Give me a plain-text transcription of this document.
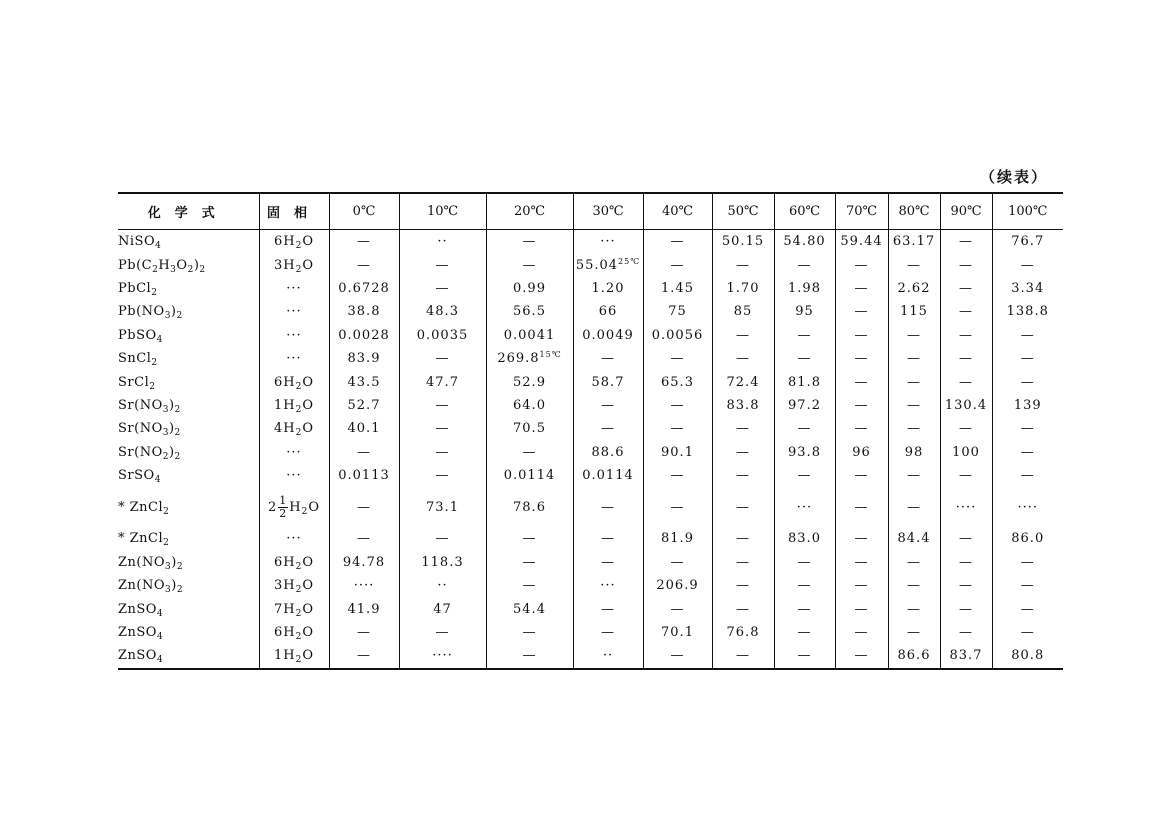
（续表）
化学式	固相	0℃	10℃	20℃	30℃	40℃	50℃	60℃	70℃	80℃	90℃	100℃
NiSO$_4$	$6H_2O$	—	··	—	···	—	50.15	54.80	59.44	63.17	—	76.7
$Pb(C_2H_3O_2)_2$	$3H_2O$	—	—	—	$55.04^{25℃}$	—	—	—	—	—	—	—
PbCl$_2$	···	0.6728	—	0.99	1.20	1.45	1.70	1.98	—	2.62	—	3.34
$Pb(NO_3)_2$	···	38.8	48.3	56.5	66	75	85	95	—	115	—	138.8
PbSO$_4$	···	0.0028	0.0035	0.0041	0.0049	0.0056	—	—	—	—	—	—
SnCl$_2$	···	83.9	—	$269.8^{15℃}$	—	—	—	—	—	—	—	—
SrCl$_2$	$6H_2O$	43.5	47.7	52.9	58.7	65.3	72.4	81.8	—	—	—	—
$Sr(NO_3)_2$	$1H_2O$	52.7	—	64.0	—	—	83.8	97.2	—	—	130.4	139
$Sr(NO_3)_2$	$4H_2O$	40.1	—	70.5	—	—	—	—	—	—	—	—
$Sr(NO_2)_2$	···	—	—	—	88.6	90.1	—	93.8	96	98	100	—
SrSO$_4$	···	0.0113	—	0.0114	0.0114	—	—	—	—	—	—	—
* ZnCl$_2$	$2 \frac{1}{2} H_2O$	—	73.1	78.6	—	—	—	···	—	—	····	····
* ZnCl$_2$	···	—	—	—	—	81.9	—	83.0	—	84.4	—	86.0
$Zn(NO_3)_2$	$6H_2O$	94.78	118.3	—	—	—	—	—	—	—	—	—
$Zn(NO_3)_2$	$3H_2O$	····	··	—	···	206.9	—	—	—	—	—	—
ZnSO$_4$	$7H_2O$	41.9	47	54.4	—	—	—	—	—	—	—	—
ZnSO$_4$	$6H_2O$	—	—	—	—	70.1	76.8	—	—	—	—	—
ZnSO$_4$	$1H_2O$	—	····	—	··	—	—	—	—	86.6	83.7	80.8
